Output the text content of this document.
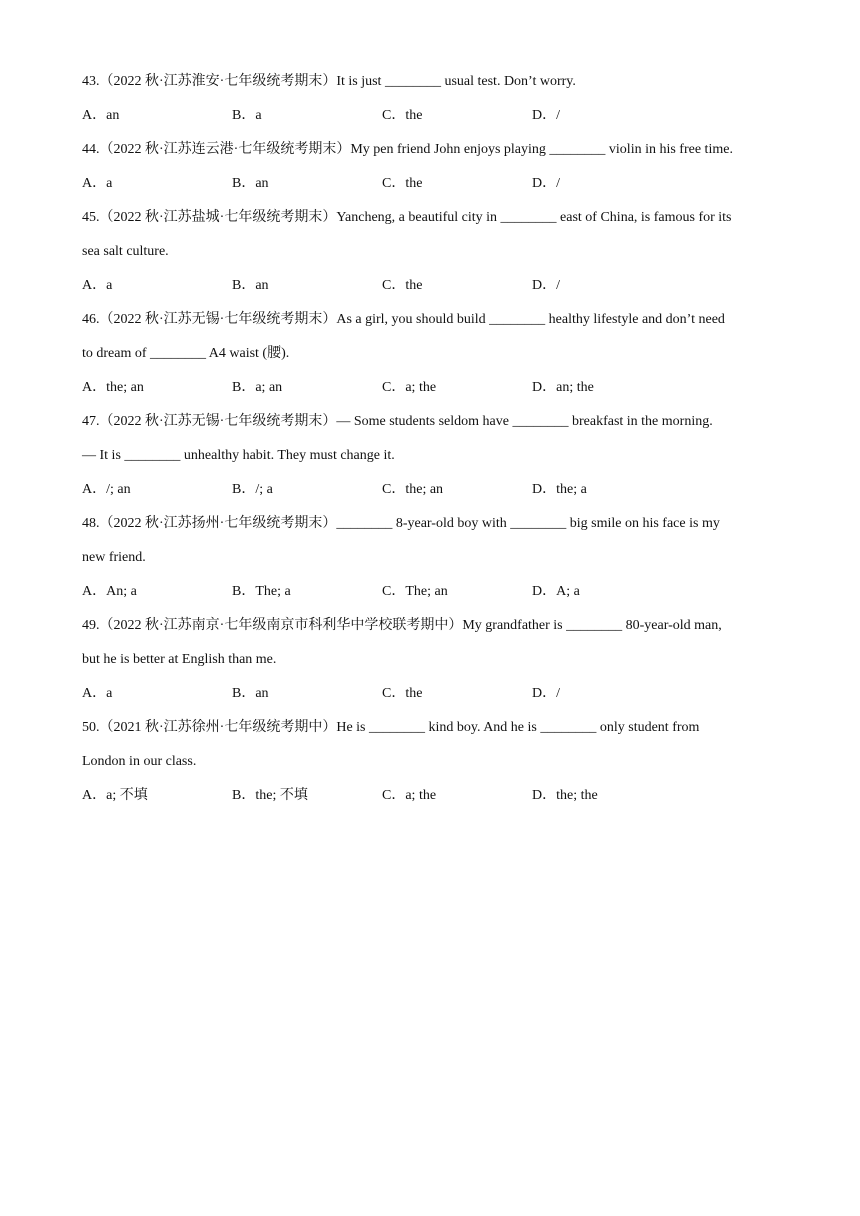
43.（2022 秋·江苏淮安·七年级统考期末）It is just ________ usual test. Don’t worry.
A．an	B．a	C．the	D．/
44.（2022 秋·江苏连云港·七年级统考期末）My pen friend John enjoys playing ________ violin in his free time.
A．a	B．an	C．the	D．/
45.（2022 秋·江苏盐城·七年级统考期末）Yancheng, a beautiful city in ________ east of China, is famous for its
sea salt culture.
A．a	B．an	C．the	D．/
46.（2022 秋·江苏无锡·七年级统考期末）As a girl, you should build ________ healthy lifestyle and don’t need
to dream of ________ A4 waist (腰).
A．the; an	B．a; an	C．a; the	D．an; the
47.（2022 秋·江苏无锡·七年级统考期末）— Some students seldom have ________ breakfast in the morning.
— It is ________ unhealthy habit. They must change it.
A．/; an	B．/; a	C．the; an	D．the; a
48.（2022 秋·江苏扬州·七年级统考期末）________ 8-year-old boy with ________ big smile on his face is my
new friend.
A．An; a	B．The; a	C．The; an	D．A; a
49.（2022 秋·江苏南京·七年级南京市科利华中学校联考期中）My grandfather is ________ 80-year-old man,
but he is better at English than me.
A．a	B．an	C．the	D．/
50.（2021 秋·江苏徐州·七年级统考期中）He is ________ kind boy. And he is ________ only student from
London in our class.
A．a; 不填	B．the; 不填	C．a; the	D．the; the
